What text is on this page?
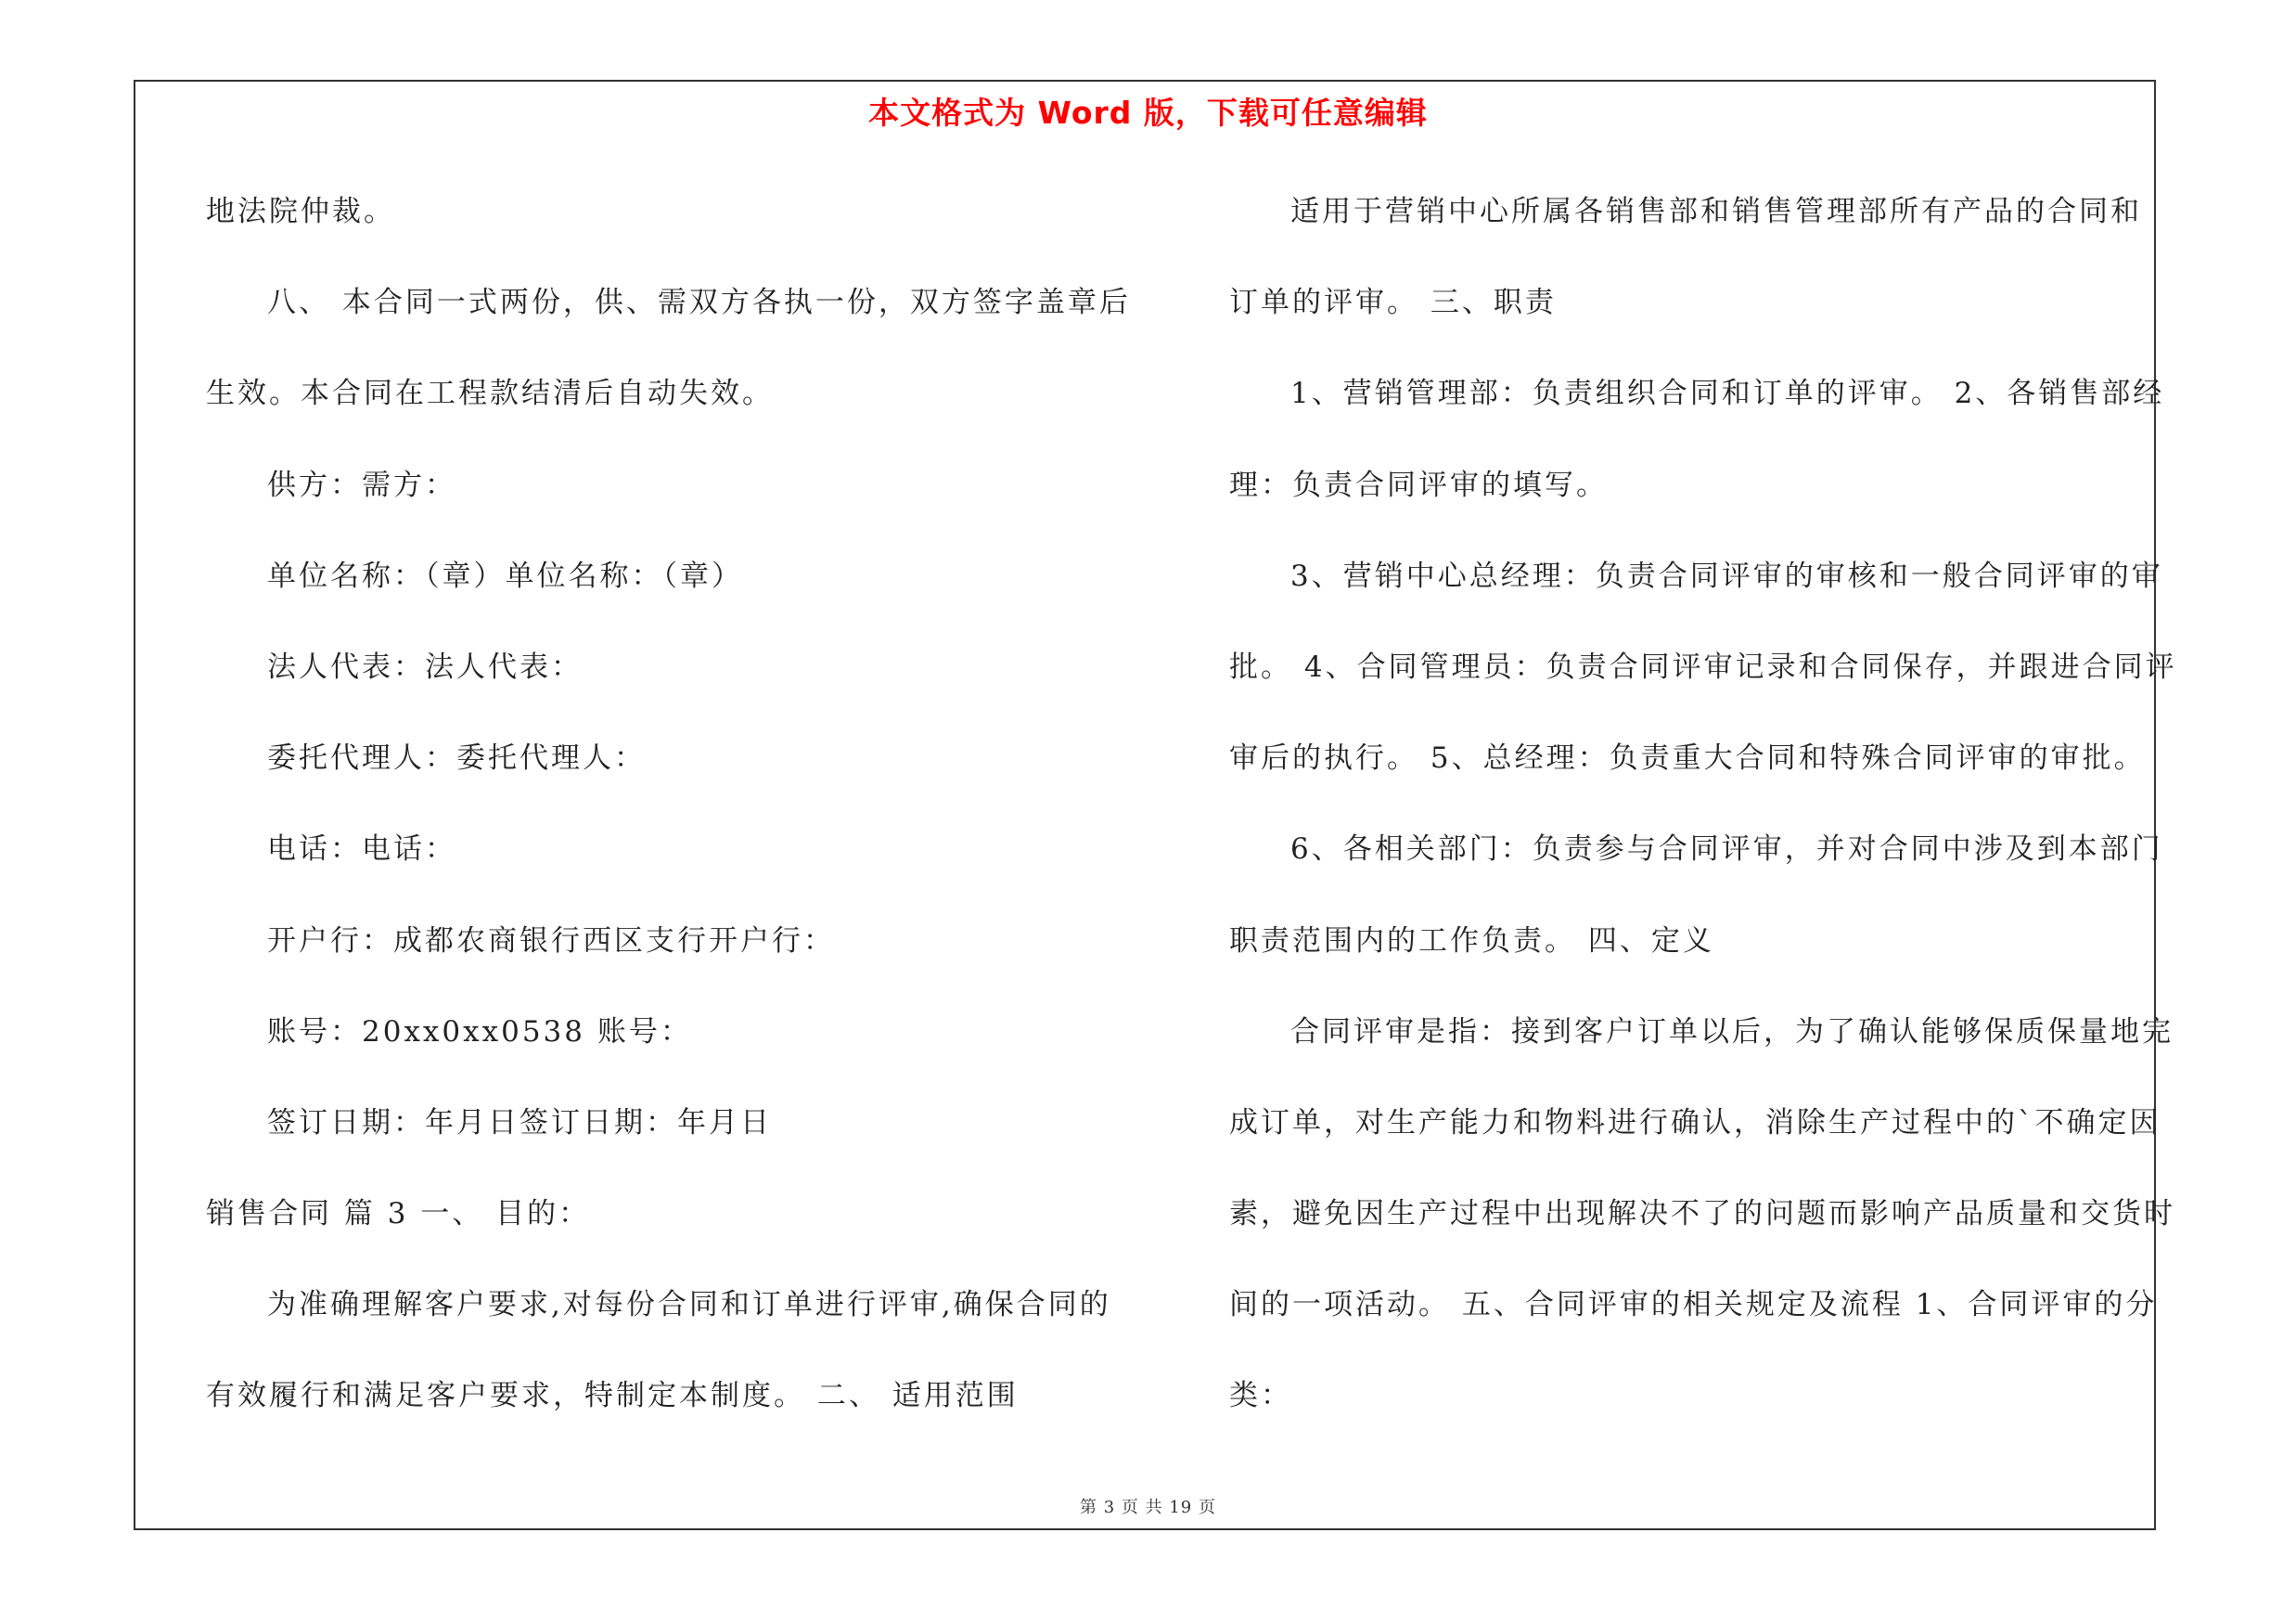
本文格式为 Word 版，下载可任意编辑
地法院仲裁。
八、 本合同一式两份，供、需双方各执一份，双方签字盖章后
生效。本合同在工程款结清后自动失效。
供方：需方：
单位名称：（章）单位名称：（章）
法人代表：法人代表：
委托代理人：委托代理人：
电话：电话：
开户行：成都农商银行西区支行开户行：
账号：20xx0xx0538 账号：
签订日期：年月日签订日期：年月日
销售合同 篇 3 一、 目的：
为准确理解客户要求,对每份合同和订单进行评审,确保合同的
有效履行和满足客户要求，特制定本制度。 二、 适用范围
适用于营销中心所属各销售部和销售管理部所有产品的合同和
订单的评审。 三、职责
1、营销管理部：负责组织合同和订单的评审。 2、各销售部经
理：负责合同评审的填写。
3、营销中心总经理：负责合同评审的审核和一般合同评审的审
批。 4、合同管理员：负责合同评审记录和合同保存，并跟进合同评
审后的执行。 5、总经理：负责重大合同和特殊合同评审的审批。
6、各相关部门：负责参与合同评审，并对合同中涉及到本部门
职责范围内的工作负责。 四、定义
合同评审是指：接到客户订单以后，为了确认能够保质保量地完
成订单，对生产能力和物料进行确认，消除生产过程中的`不确定因
素，避免因生产过程中出现解决不了的问题而影响产品质量和交货时
间的一项活动。 五、合同评审的相关规定及流程 1、合同评审的分
类：
第 3 页 共 19 页
